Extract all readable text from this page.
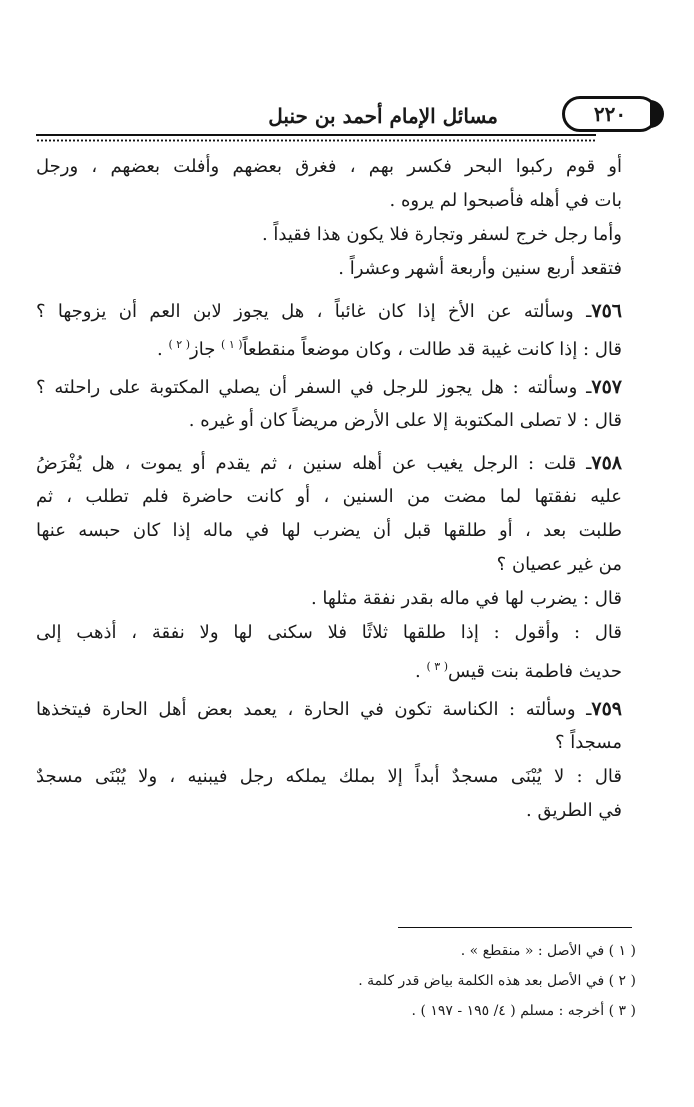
مسائل الإمام أحمد بن حنبل	٢٢٠
أو قوم ركبوا البحر فكسر بهم ، فغرق بعضهم وأفلت بعضهم ، ورجل
بات في أهله فأصبحوا لم يروه .
وأما رجل خرج لسفر وتجارة فلا يكون هذا فقيداً .
فتقعد أربع سنين وأربعة أشهر وعشراً .
٧٥٦ـ وسألته عن الأخ إذا كان غائباً ، هل يجوز لابن العم أن يزوجها ؟
قال : إذا كانت غيبة قد طالت ، وكان موضعاً منقطعاً$^{( ١ )}$ جاز$^{( ٢ )}$ .
٧٥٧ـ وسألته : هل يجوز للرجل في السفر أن يصلي المكتوبة على راحلته ؟
قال : لا تصلى المكتوبة إلا على الأرض مريضاً كان أو غيره .
٧٥٨ـ قلت : الرجل يغيب عن أهله سنين ، ثم يقدم أو يموت ، هل يُفْرَضُ
عليه نفقتها لما مضت من السنين ، أو كانت حاضرة فلم تطلب ، ثم
طلبت بعد ، أو طلقها قبل أن يضرب لها في ماله إذا كان حبسه عنها
من غير عصيان ؟
قال : يضرب لها في ماله بقدر نفقة مثلها .
قال : وأقول : إذا طلقها ثلاثًا فلا سكنى لها ولا نفقة ، أذهب إلى
حديث فاطمة بنت قيس$^{( ٣ )}$ .
٧٥٩ـ وسألته : الكناسة تكون في الحارة ، يعمد بعض أهل الحارة فيتخذها
مسجداً ؟
قال : لا يُبْنَى مسجدٌ أبداً إلا بملك يملكه رجل فيبنيه ، ولا يُبْنَى مسجدٌ
في الطريق .
( ١ ) في الأصل : « منقطع » .
( ٢ ) في الأصل بعد هذه الكلمة بياض قدر كلمة .
( ٣ ) أخرجه : مسلم ( ٤/ ١٩٥ - ١٩٧ ) .
